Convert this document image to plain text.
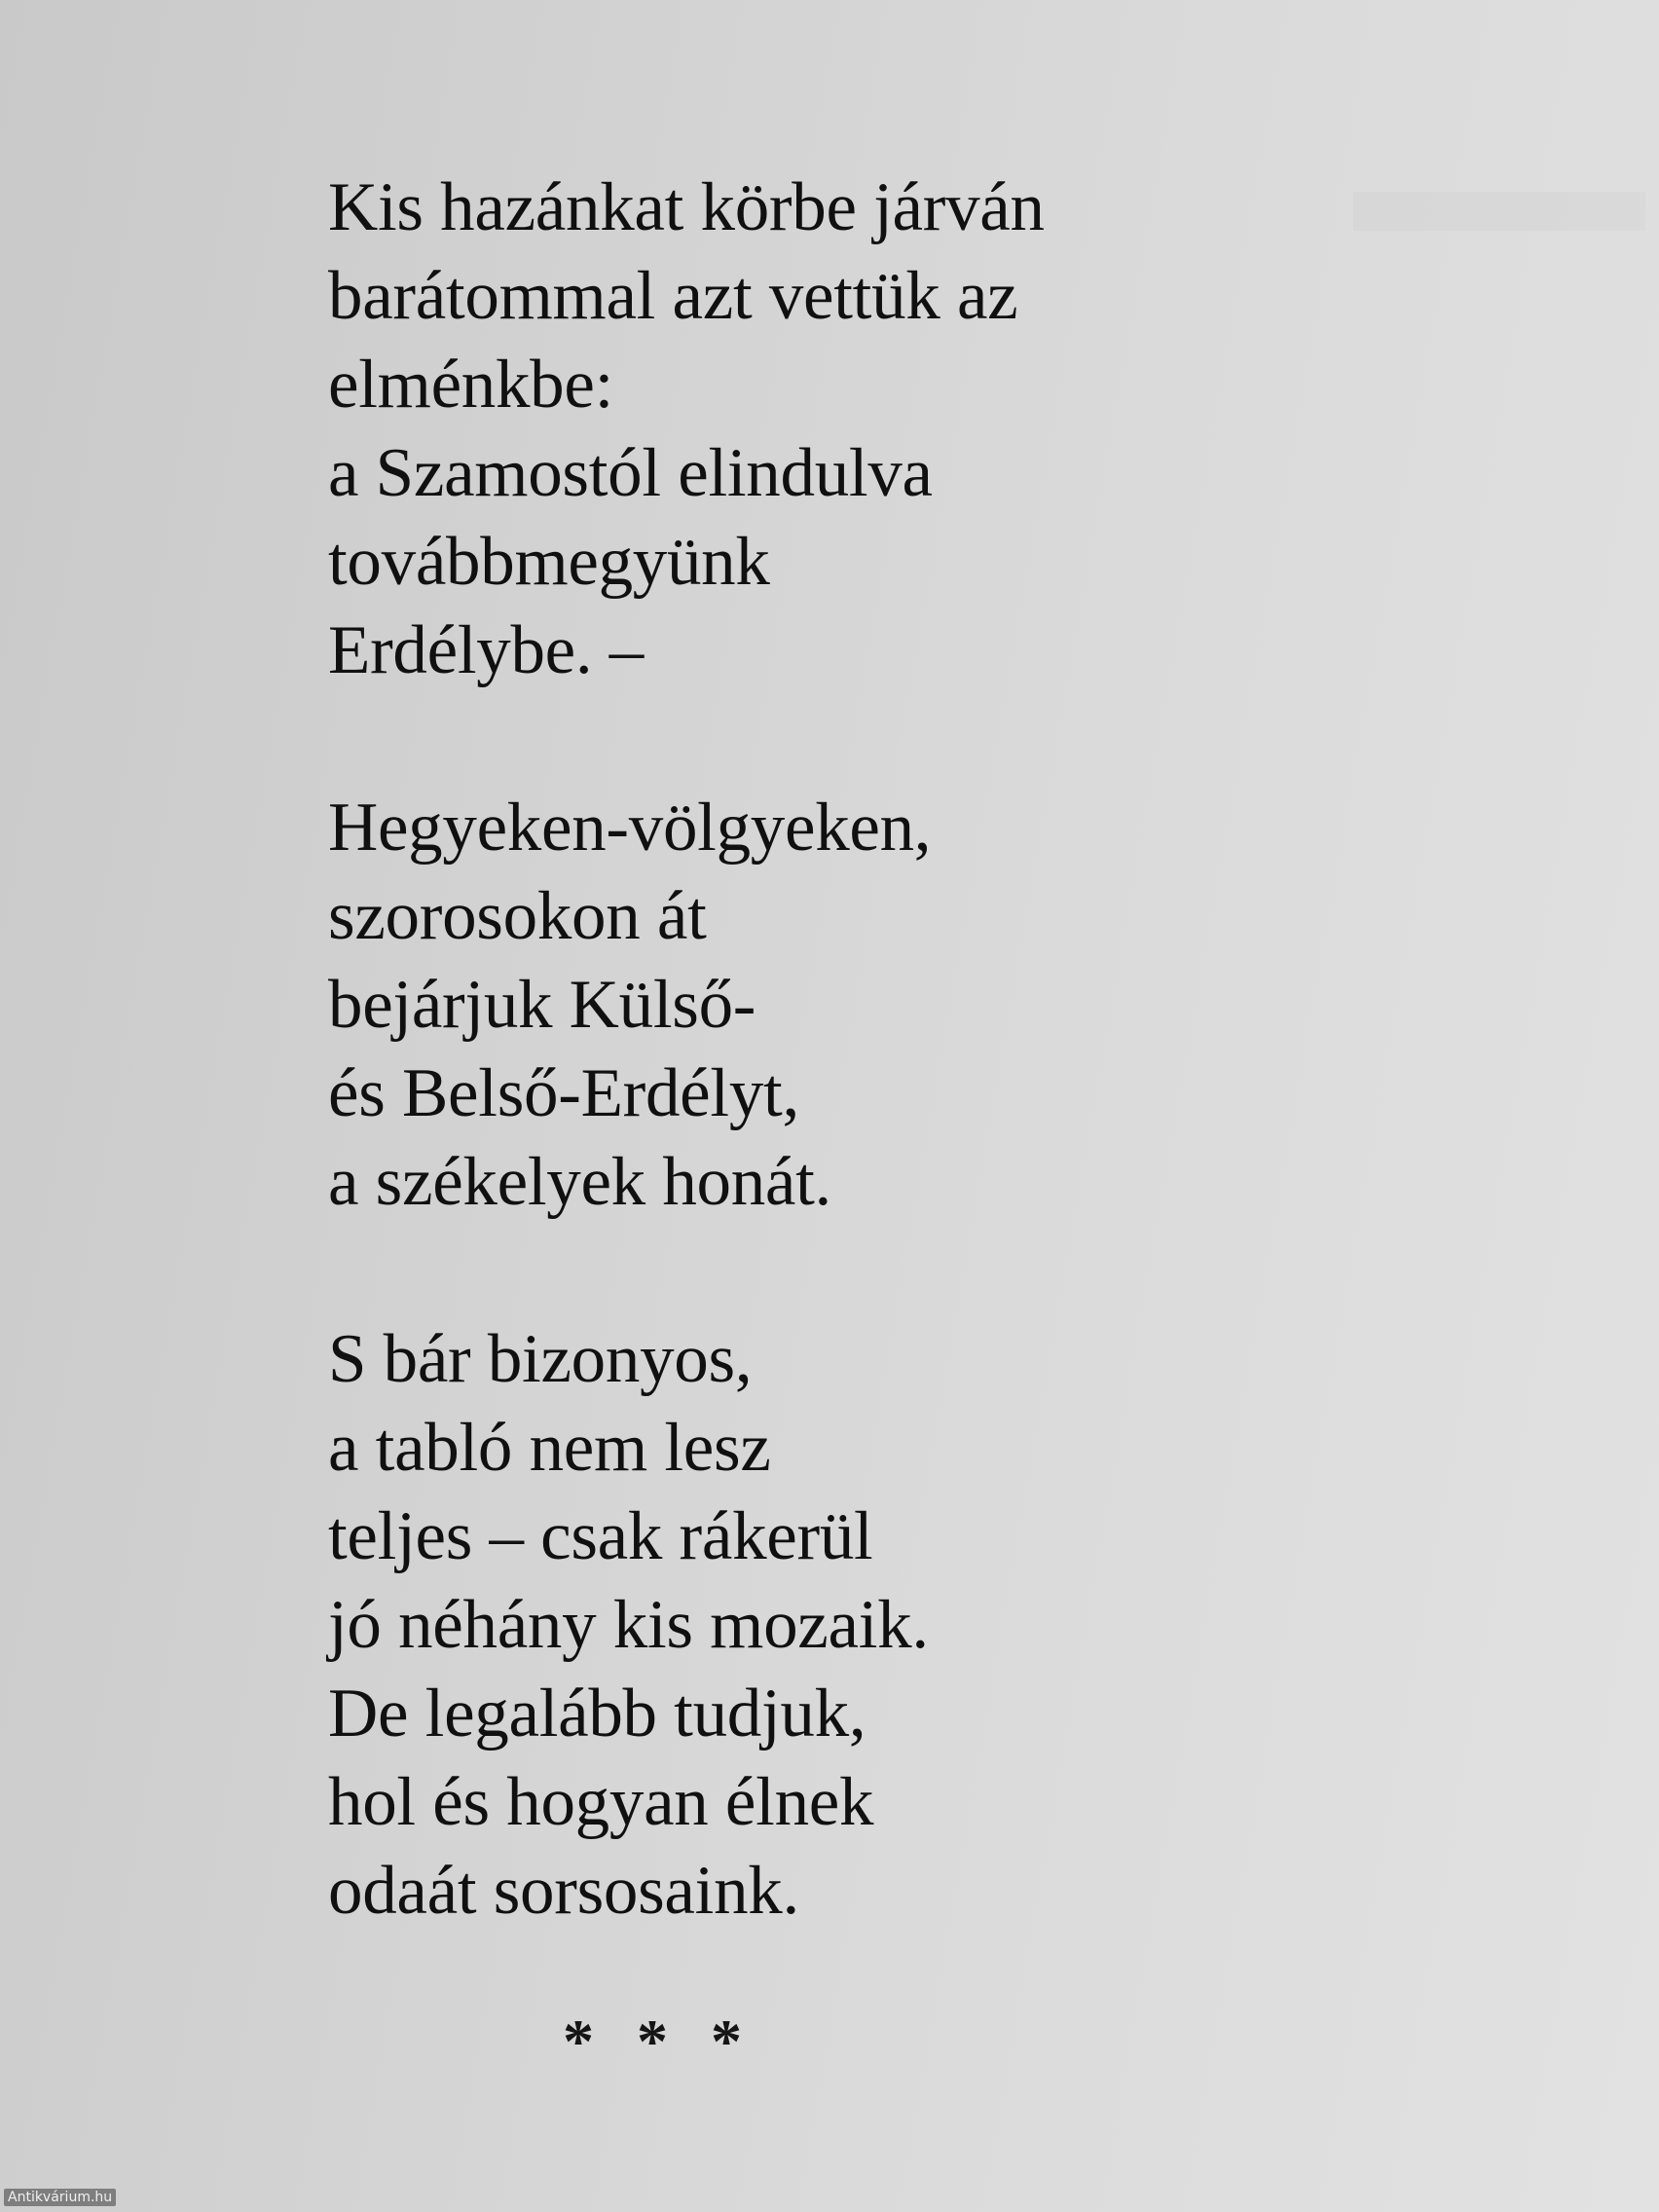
Kis hazánkat körbe járván
barátommal azt vettük az
elménkbe:
a Szamostól elindulva
továbbmegyünk
Erdélybe. –
Hegyeken-völgyeken,
szorosokon át
bejárjuk Külső-
és Belső-Erdélyt,
a székelyek honát.
S bár bizonyos,
a tabló nem lesz
teljes – csak rákerül
jó néhány kis mozaik.
De legalább tudjuk,
hol és hogyan élnek
odaát sorsosaink.
* * *
Antikvárium.hu
